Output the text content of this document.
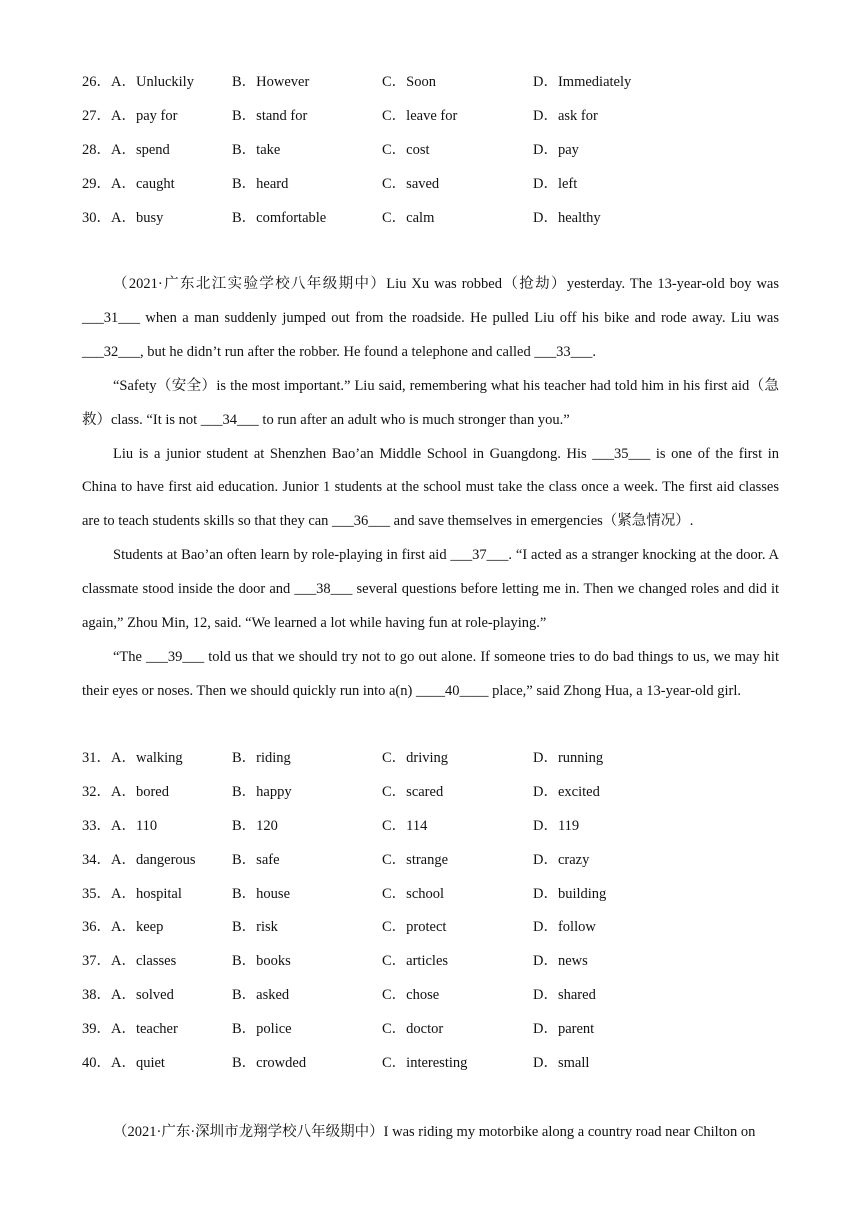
26．A．Unluckily	B．However	C．Soon	D．Immediately
27．A．pay for	B．stand for	C．leave for	D．ask for
28．A．spend	B．take	C．cost	D．pay
29．A．caught	B．heard	C．saved	D．left
30．A．busy	B．comfortable	C．calm	D．healthy
（2021·广东北江实验学校八年级期中）Liu Xu was robbed（抢劫）yesterday. The 13-year-old boy was ___31___ when a man suddenly jumped out from the roadside. He pulled Liu off his bike and rode away. Liu was ___32___, but he didn’t run after the robber. He found a telephone and called ___33___.
“Safety（安全）is the most important.” Liu said, remembering what his teacher had told him in his first aid（急救）class. “It is not ___34___ to run after an adult who is much stronger than you.”
Liu is a junior student at Shenzhen Bao’an Middle School in Guangdong. His ___35___ is one of the first in China to have first aid education. Junior 1 students at the school must take the class once a week. The first aid classes are to teach students skills so that they can ___36___ and save themselves in emergencies（紧急情况）.
Students at Bao’an often learn by role-playing in first aid ___37___. “I acted as a stranger knocking at the door. A classmate stood inside the door and ___38___ several questions before letting me in. Then we changed roles and did it again,” Zhou Min, 12, said. “We learned a lot while having fun at role-playing.”
“The ___39___ told us that we should try not to go out alone. If someone tries to do bad things to us, we may hit their eyes or noses. Then we should quickly run into a(n) ____40____ place,” said Zhong Hua, a 13-year-old girl.
31．A．walking	B．riding	C．driving	D．running
32．A．bored	B．happy	C．scared	D．excited
33．A．110	B．120	C．114	D．119
34．A．dangerous	B．safe	C．strange	D．crazy
35．A．hospital	B．house	C．school	D．building
36．A．keep	B．risk	C．protect	D．follow
37．A．classes	B．books	C．articles	D．news
38．A．solved	B．asked	C．chose	D．shared
39．A．teacher	B．police	C．doctor	D．parent
40．A．quiet	B．crowded	C．interesting	D．small
（2021·广东·深圳市龙翔学校八年级期中）I was riding my motorbike along a country road near Chilton on
